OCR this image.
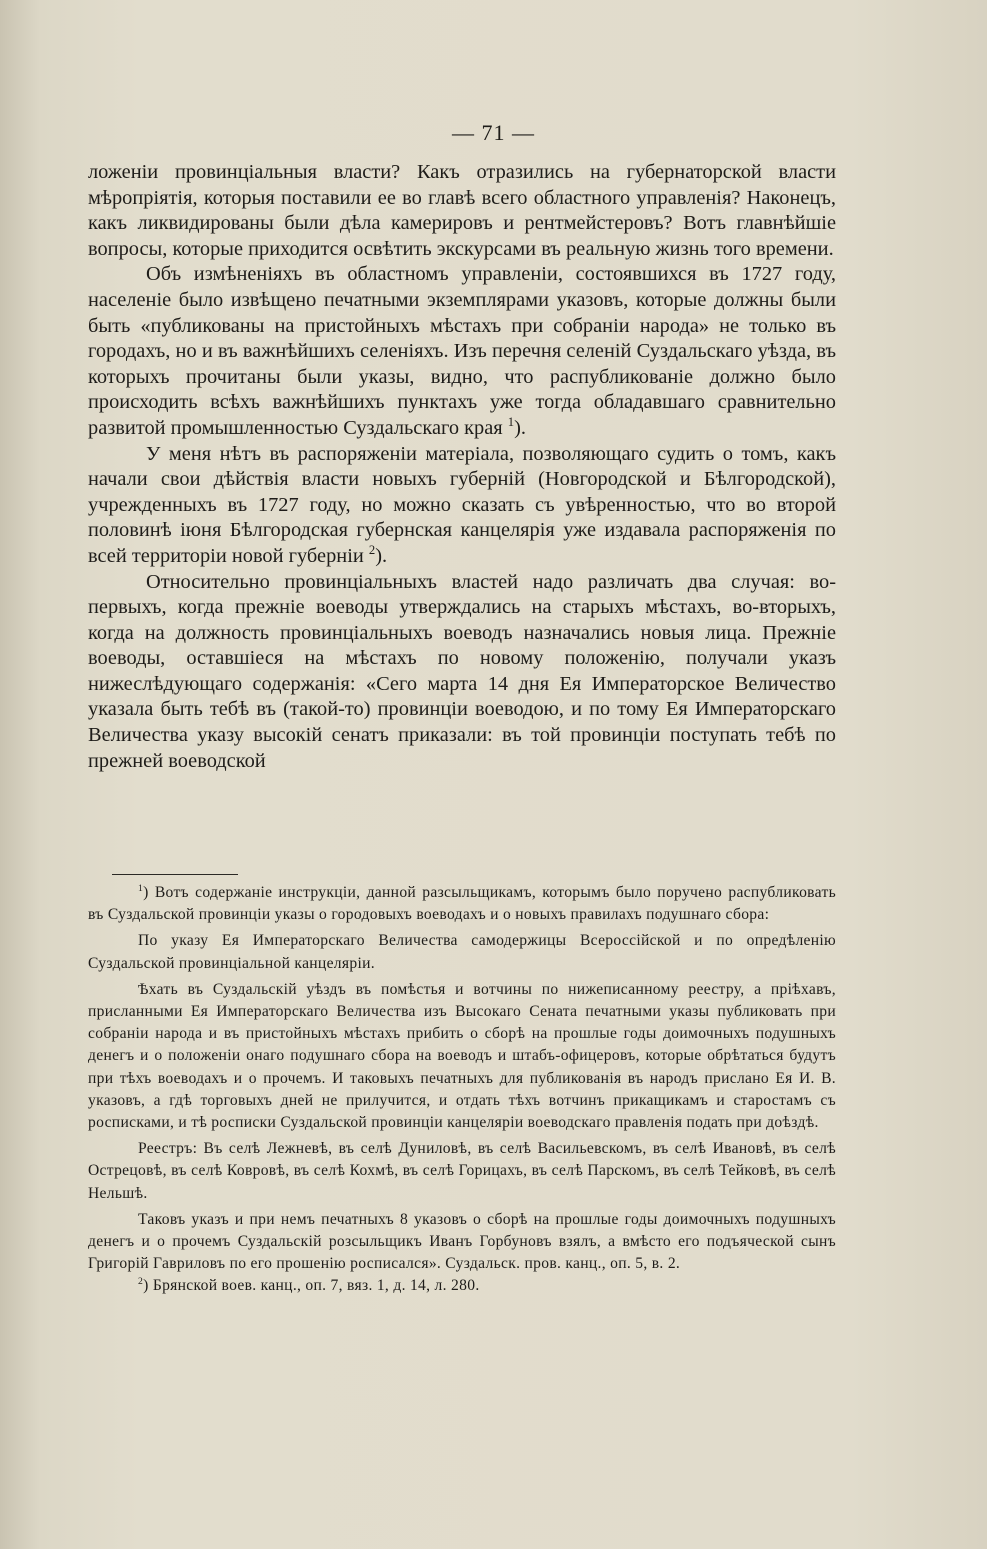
— 71 —

ложеніи провинціальныя власти? Какъ отразились на губернаторской власти мѣропріятія, которыя поставили ее во главѣ всего областного управленія? Наконецъ, какъ ликвидированы были дѣла камерировъ и рентмейстеровъ? Вотъ главнѣйшіе вопросы, которые приходится освѣтить экскурсами въ реальную жизнь того времени.

Объ измѣненіяхъ въ областномъ управленіи, состоявшихся въ 1727 году, населеніе было извѣщено печатными экземплярами указовъ, которые должны были быть «публикованы на пристойныхъ мѣстахъ при собраніи народа» не только въ городахъ, но и въ важнѣйшихъ селеніяхъ. Изъ перечня селеній Суздальскаго уѣзда, въ которыхъ прочитаны были указы, видно, что распубликованіе должно было происходить всѣхъ важнѣйшихъ пунктахъ уже тогда обладавшаго сравнительно развитой промышленностью Суздальскаго края $^1$).

У меня нѣтъ въ распоряженіи матеріала, позволяющаго судить о томъ, какъ начали свои дѣйствія власти новыхъ губерній (Новгородской и Бѣлгородской), учрежденныхъ въ 1727 году, но можно сказать съ увѣренностью, что во второй половинѣ іюня Бѣлгородская губернская канцелярія уже издавала распоряженія по всей территоріи новой губерніи $^2$).

Относительно провинціальныхъ властей надо различать два случая: во-первыхъ, когда прежніе воеводы утверждались на старыхъ мѣстахъ, во-вторыхъ, когда на должность провинціальныхъ воеводъ назначались новыя лица. Прежніе воеводы, оставшіеся на мѣстахъ по новому положенію, получали указъ нижеслѣдующаго содержанія: «Сего марта 14 дня Ея Императорское Величество указала быть тебѣ въ (такой-то) провинціи воеводою, и по тому Ея Императорскаго Величества указу высокій сенатъ приказали: въ той провинціи поступать тебѣ по прежней воеводской

$^1$) Вотъ содержаніе инструкціи, данной разсыльщикамъ, которымъ было поручено распубликовать въ Суздальской провинціи указы о городовыхъ воеводахъ и о новыхъ правилахъ подушнаго сбора:

По указу Ея Императорскаго Величества самодержицы Всероссійской и по опредѣленію Суздальской провинціальной канцеляріи.

Ѣхать въ Суздальскій уѣздъ въ помѣстья и вотчины по нижеписанному реестру, а пріѣхавъ, присланными Ея Императорскаго Величества изъ Высокаго Сената печатными указы публиковать при собраніи народа и въ пристойныхъ мѣстахъ прибить о сборѣ на прошлые годы доимочныхъ подушныхъ денегъ и о положеніи онаго подушнаго сбора на воеводъ и штабъ-офицеровъ, которые обрѣтаться будутъ при тѣхъ воеводахъ и о прочемъ. И таковыхъ печатныхъ для публикованія въ народъ прислано Ея И. В. указовъ, а гдѣ торговыхъ дней не прилучится, и отдать тѣхъ вотчинъ прикащикамъ и старостамъ съ росписками, и тѣ росписки Суздальской провинціи канцеляріи воеводскаго правленія подать при доѣздѣ.

Реестръ: Въ селѣ Лежневѣ, въ селѣ Дуниловѣ, въ селѣ Васильевскомъ, въ селѣ Ивановѣ, въ селѣ Острецовѣ, въ селѣ Ковровѣ, въ селѣ Кохмѣ, въ селѣ Горицахъ, въ селѣ Парскомъ, въ селѣ Тейковѣ, въ селѣ Нельшѣ.

Таковъ указъ и при немъ печатныхъ 8 указовъ о сборѣ на прошлые годы доимочныхъ подушныхъ денегъ и о прочемъ Суздальскій розсыльщикъ Иванъ Горбуновъ взялъ, а вмѣсто его подъяческой сынъ Григорій Гавриловъ по его прошенію росписался». Суздальск. пров. канц., оп. 5, в. 2.

$^2$) Брянской воев. канц., оп. 7, вяз. 1, д. 14, л. 280.
